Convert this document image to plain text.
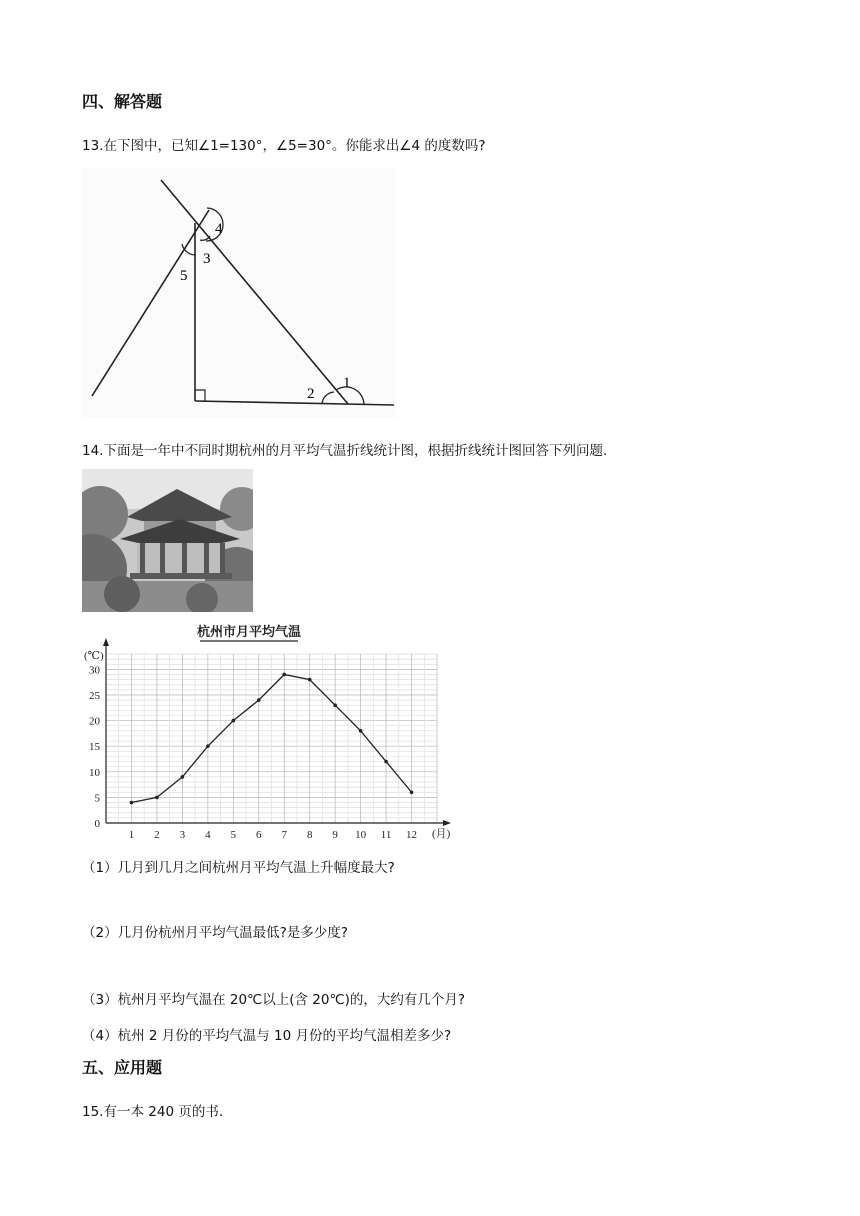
四、解答题
13.在下图中，已知∠1=130°，∠5=30°。你能求出∠4 的度数吗?
4
3
5
2
1
14.下面是一年中不同时期杭州的月平均气温折线统计图，根据折线统计图回答下列问题.
杭州市月平均气温
(℃)
(月)
0
5
10
15
20
25
30
1 2 3 4 5 6 7 8 9 10 11 12
（1）几月到几月之间杭州月平均气温上升幅度最大?
（2）几月份杭州月平均气温最低?是多少度?
（3）杭州月平均气温在 20℃以上(含 20℃)的，大约有几个月?
（4）杭州 2 月份的平均气温与 10 月份的平均气温相差多少?
五、应用题
15.有一本 240 页的书.
